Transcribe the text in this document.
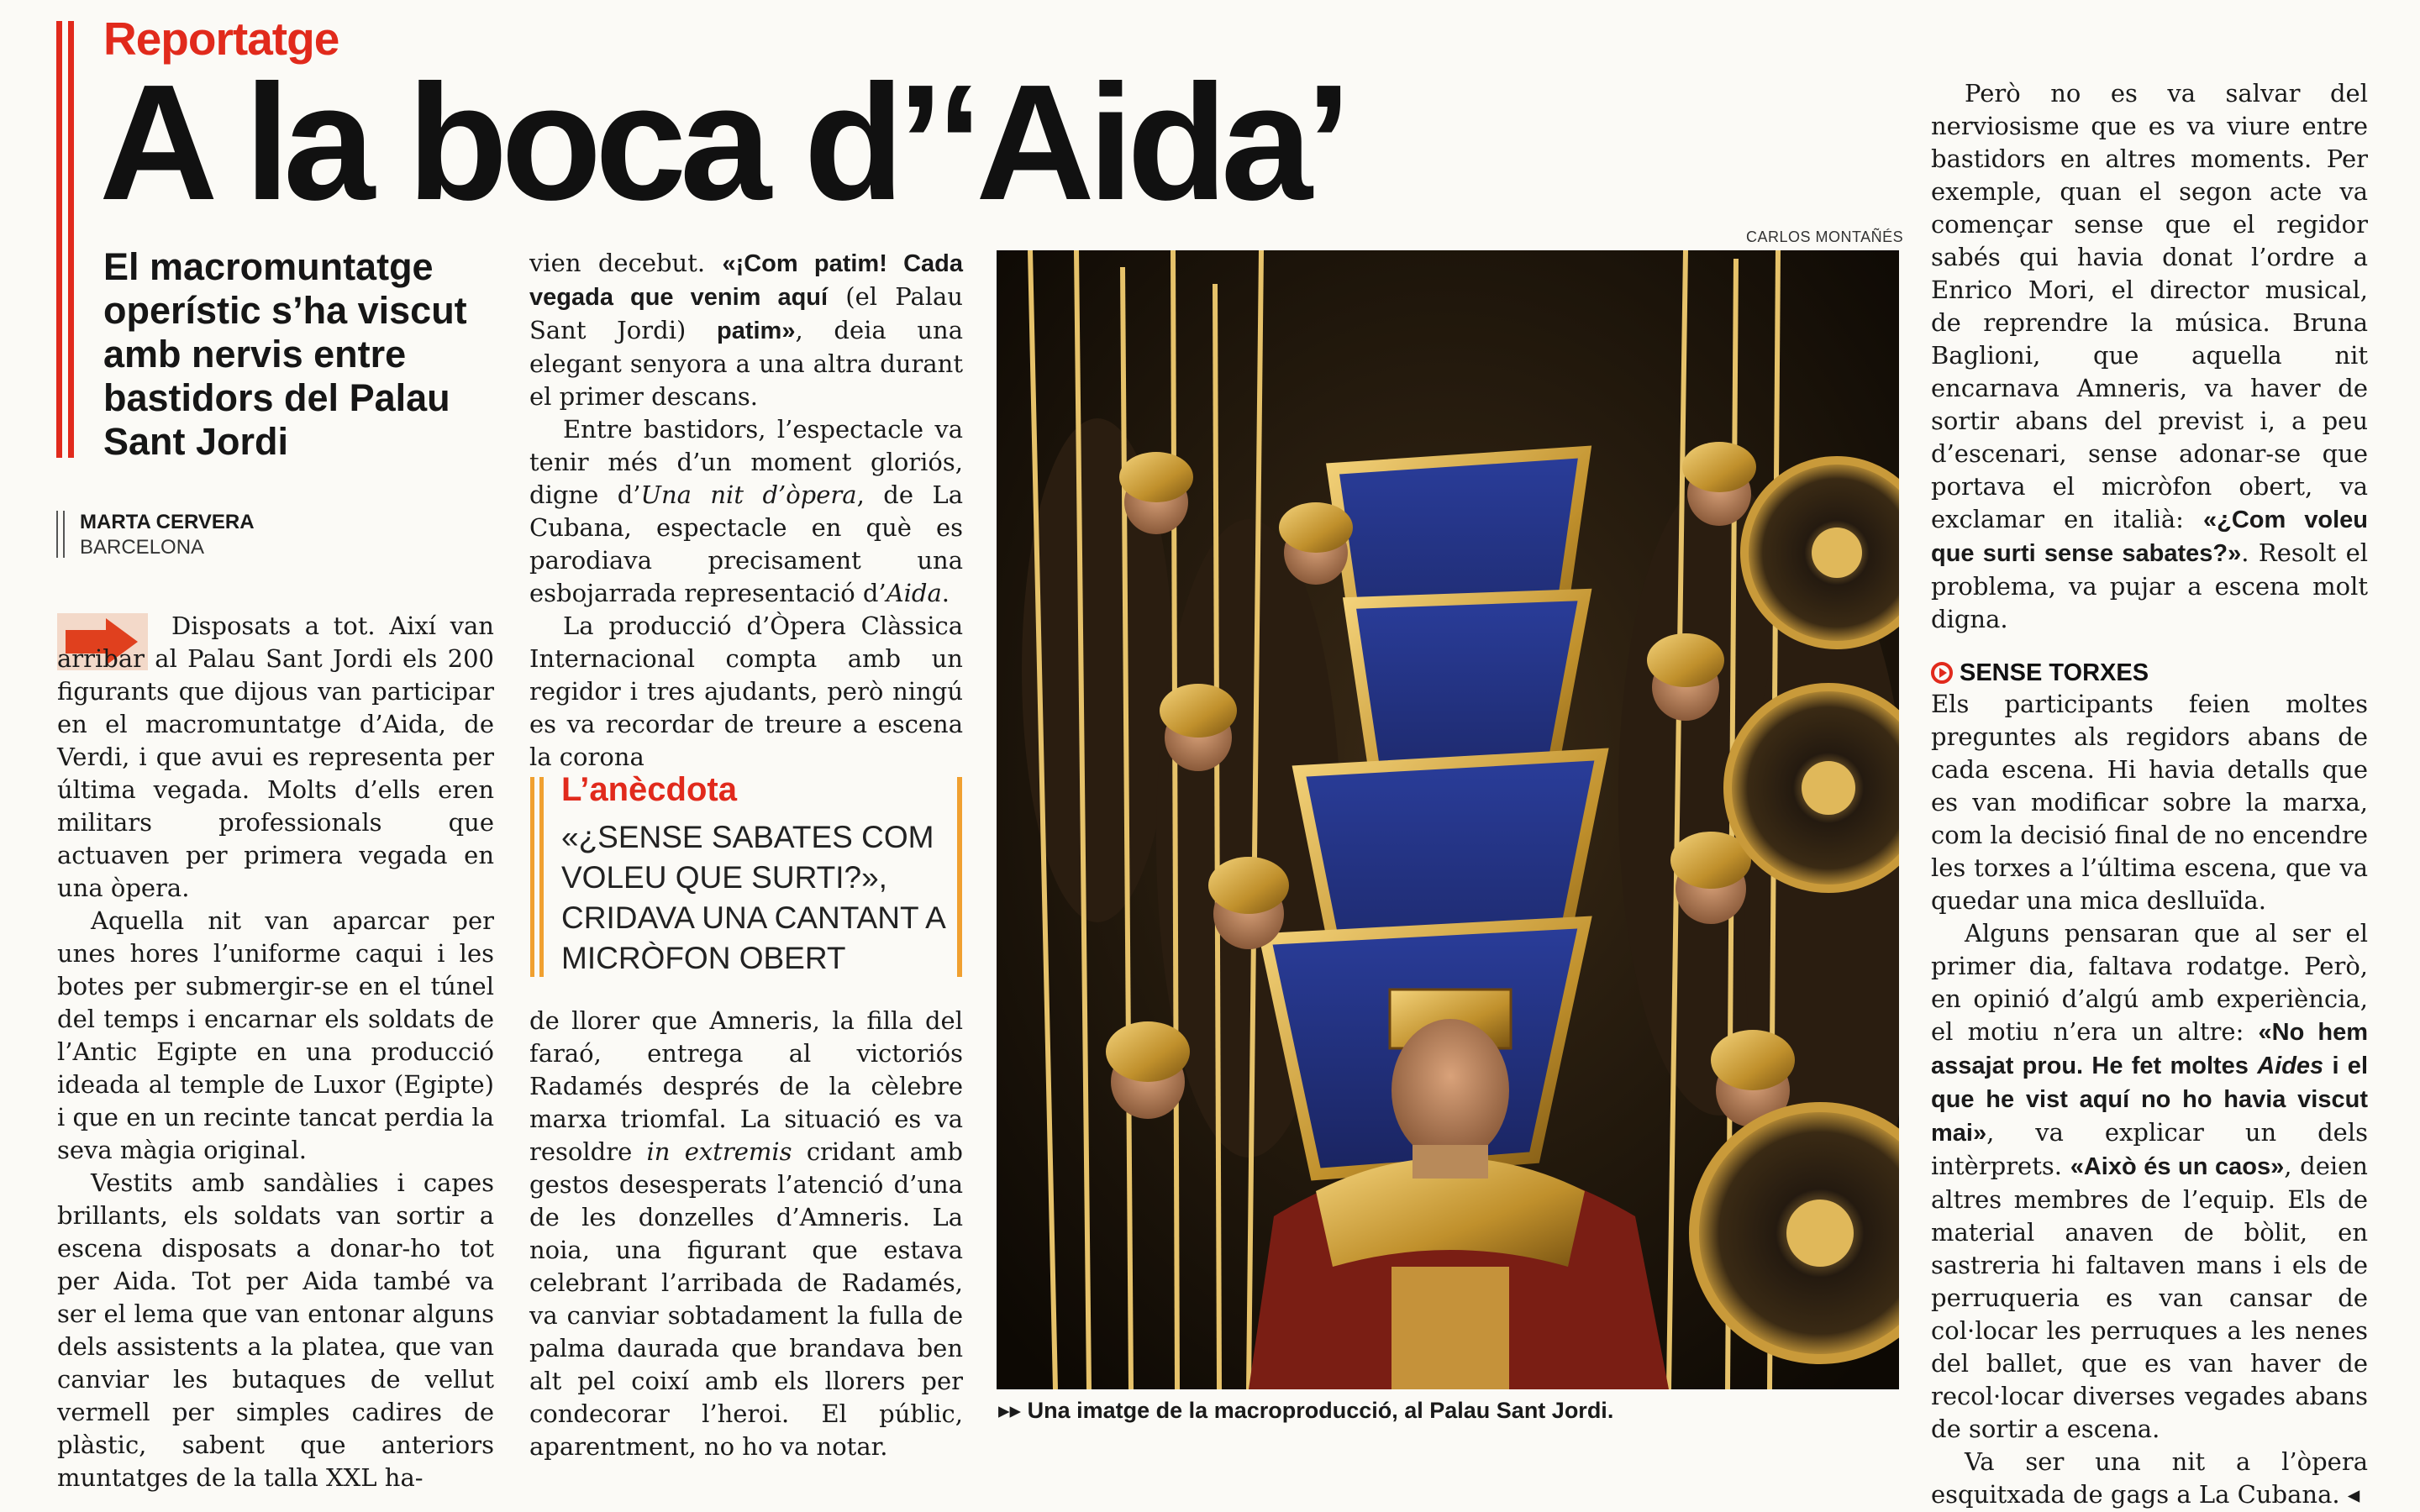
Reportatge
A la boca d’‘Aida’
El macromuntatge operístic s’ha viscut amb nervis entre bastidors del Palau Sant Jordi
MARTA CERVERA
BARCELONA

Disposats a tot. Així van arribar al Palau Sant Jordi els 200 figurants que dijous van participar en el macromuntatge d’Aida, de Verdi, i que avui es representa per última vegada. Molts d’ells eren militars professionals que actuaven per primera vegada en una òpera.

Aquella nit van aparcar per unes hores l’uniforme caqui i les botes per submergir-se en el túnel del temps i encarnar els soldats de l’Antic Egipte en una producció ideada al temple de Luxor (Egipte) i que en un recinte tancat perdia la seva màgia original.

Vestits amb sandàlies i capes brillants, els soldats van sortir a escena disposats a donar-ho tot per Aida. Tot per Aida també va ser el lema que van entonar alguns dels assistents a la platea, que van canviar les butaques de vellut vermell per simples cadires de plàstic, sabent que anteriors muntatges de la talla XXL ha-

vien decebut. «¡Com patim! Cada vegada que venim aquí (el Palau Sant Jordi) patim», deia una elegant senyora a una altra durant el primer descans.

Entre bastidors, l’espectacle va tenir més d’un moment gloriós, digne d’Una nit d’òpera, de La Cubana, espectacle en què es parodiava precisament una esbojarrada representació d’Aida.

La producció d’Òpera Clàssica Internacional compta amb un regidor i tres ajudants, però ningú es va recordar de treure a escena la corona

L’anècdota
«¿SENSE SABATES COM VOLEU QUE SURTI?», CRIDAVA UNA CANTANT A MICRÒFON OBERT

de llorer que Amneris, la filla del faraó, entrega al victoriós Radamés després de la cèlebre marxa triomfal. La situació es va resoldre in extremis cridant amb gestos desesperats l’atenció d’una de les donzelles d’Amneris. La noia, una figurant que estava celebrant l’arribada de Radamés, va canviar sobtadament la fulla de palma daurada que brandava ben alt pel coixí amb els llorers per condecorar l’heroi. El públic, aparentment, no ho va notar.

CARLOS MONTAÑÉS
▸▸ Una imatge de la macroproducció, al Palau Sant Jordi.

Però no es va salvar del nerviosisme que es va viure entre bastidors en altres moments. Per exemple, quan el segon acte va començar sense que el regidor sabés qui havia donat l’ordre a Enrico Mori, el director musical, de reprendre la música. Bruna Baglioni, que aquella nit encarnava Amneris, va haver de sortir abans del previst i, a peu d’escenari, sense adonar-se que portava el micròfon obert, va exclamar en italià: «¿Com voleu que surti sense sabates?». Resolt el problema, va pujar a escena molt digna.

SENSE TORXES

Els participants feien moltes preguntes als regidors abans de cada escena. Hi havia detalls que es van modificar sobre la marxa, com la decisió final de no encendre les torxes a l’última escena, que va quedar una mica deslluïda.

Alguns pensaran que al ser el primer dia, faltava rodatge. Però, en opinió d’algú amb experiència, el motiu n’era un altre: «No hem assajat prou. He fet moltes Aides i el que he vist aquí no ho havia viscut mai», va explicar un dels intèrprets. «Això és un caos», deien altres membres de l’equip. Els de material anaven de bòlit, en sastreria hi faltaven mans i els de perruqueria es van cansar de col·locar les perruques a les nenes del ballet, que es van haver de recol·locar diverses vegades abans de sortir a escena.

Va ser una nit a l’òpera esquitxada de gags a La Cubana. ◂
